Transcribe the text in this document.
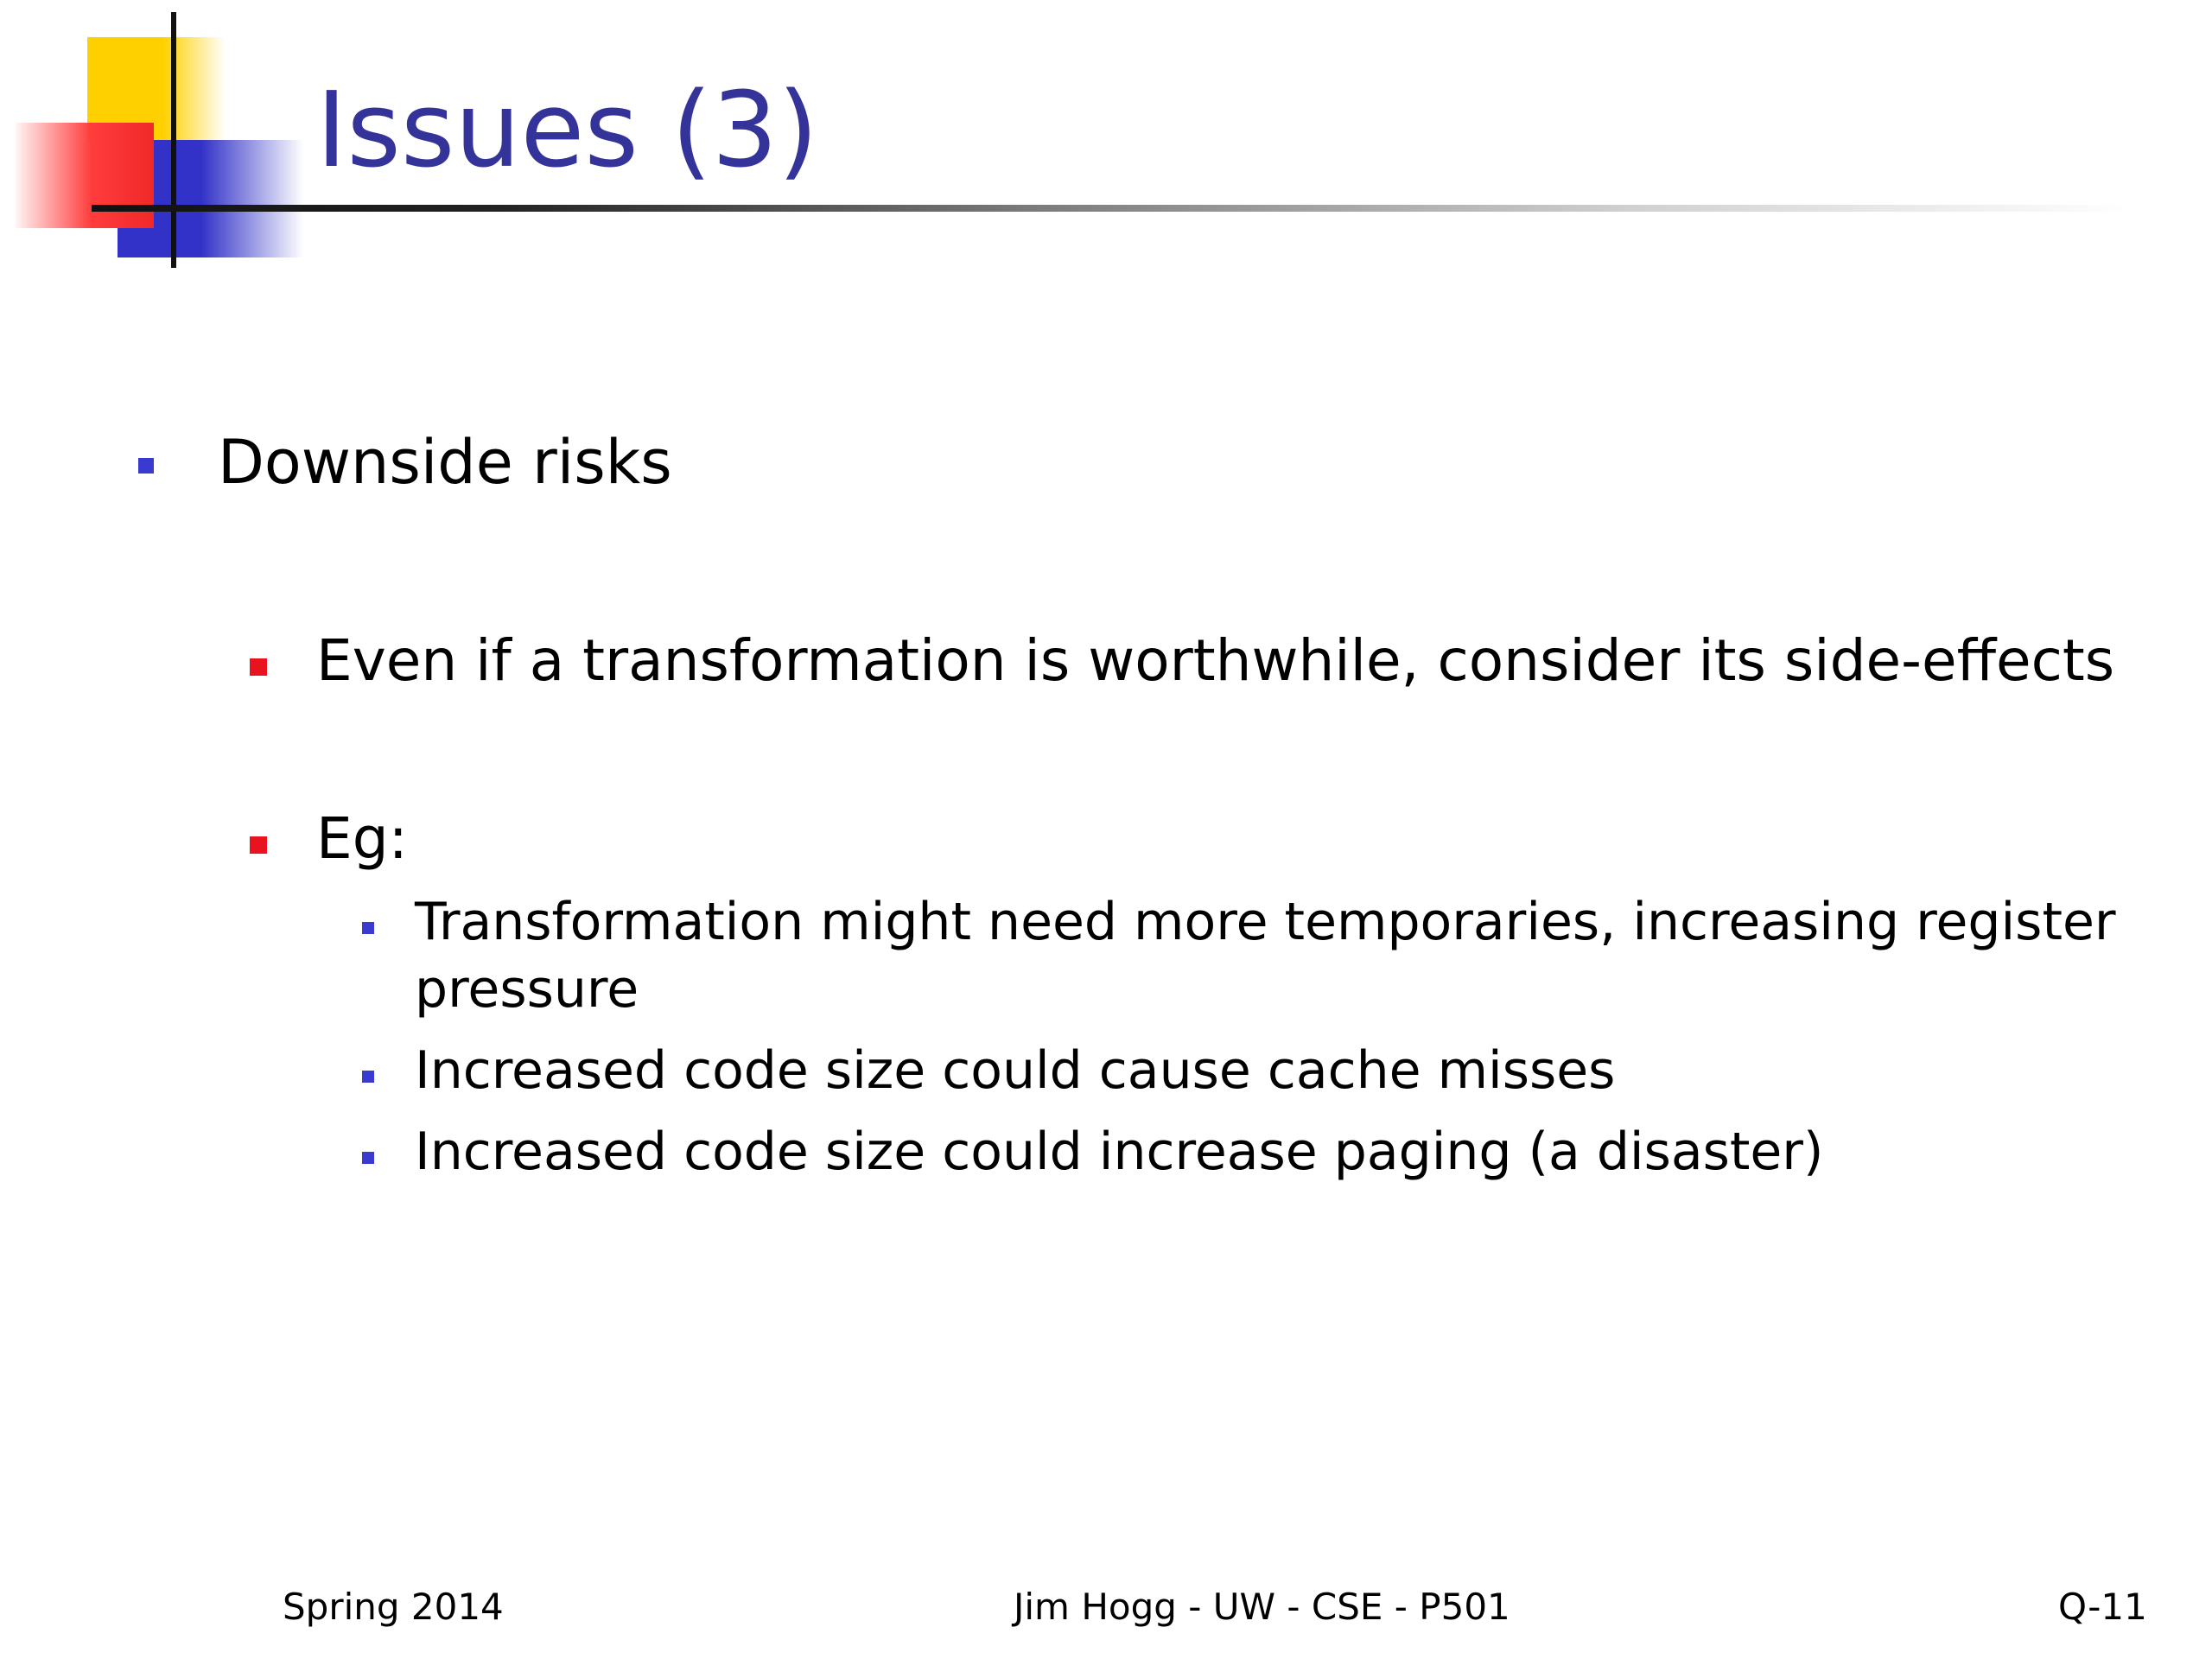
Issues (3)
Downside risks
Even if a transformation is worthwhile, consider its side-effects
Eg:
Transformation might need more temporaries, increasing register
pressure
Increased code size could cause cache misses
Increased code size could increase paging (a disaster)
Spring 2014	Jim Hogg - UW - CSE - P501	Q-11
